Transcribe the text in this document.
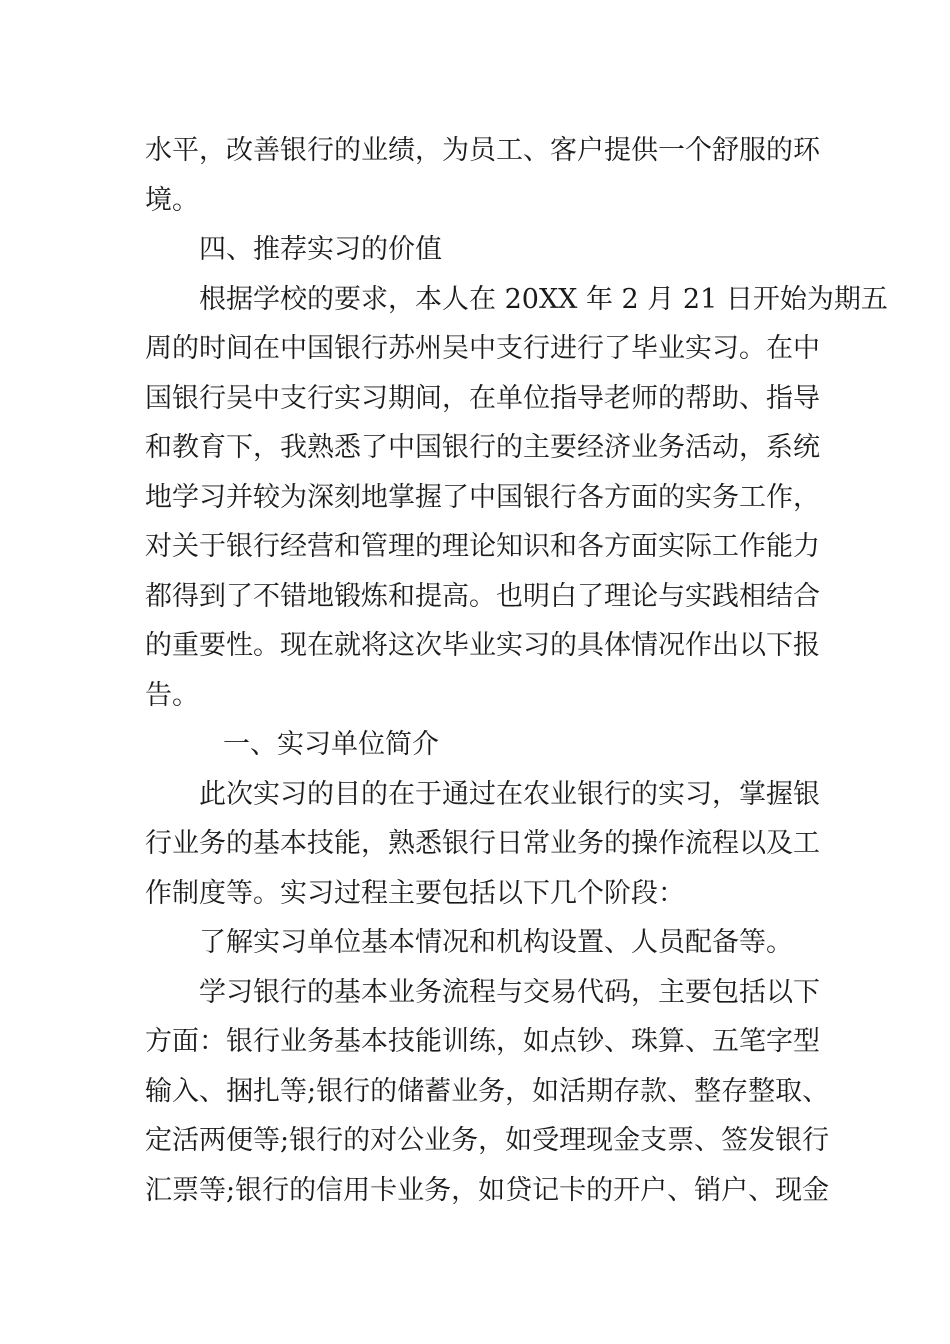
水平，改善银行的业绩，为员工、客户提供一个舒服的环
境。
四、推荐实习的价值
根据学校的要求，本人在 20XX 年 2 月 21 日开始为期五
周的时间在中国银行苏州吴中支行进行了毕业实习。在中
国银行吴中支行实习期间，在单位指导老师的帮助、指导
和教育下，我熟悉了中国银行的主要经济业务活动，系统
地学习并较为深刻地掌握了中国银行各方面的实务工作，
对关于银行经营和管理的理论知识和各方面实际工作能力
都得到了不错地锻炼和提高。也明白了理论与实践相结合
的重要性。现在就将这次毕业实习的具体情况作出以下报
告。
一、实习单位简介
此次实习的目的在于通过在农业银行的实习，掌握银
行业务的基本技能，熟悉银行日常业务的操作流程以及工
作制度等。实习过程主要包括以下几个阶段：
了解实习单位基本情况和机构设置、人员配备等。
学习银行的基本业务流程与交易代码，主要包括以下
方面：银行业务基本技能训练，如点钞、珠算、五笔字型
输入、捆扎等;银行的储蓄业务，如活期存款、整存整取、
定活两便等;银行的对公业务，如受理现金支票、签发银行
汇票等;银行的信用卡业务，如贷记卡的开户、销户、现金
